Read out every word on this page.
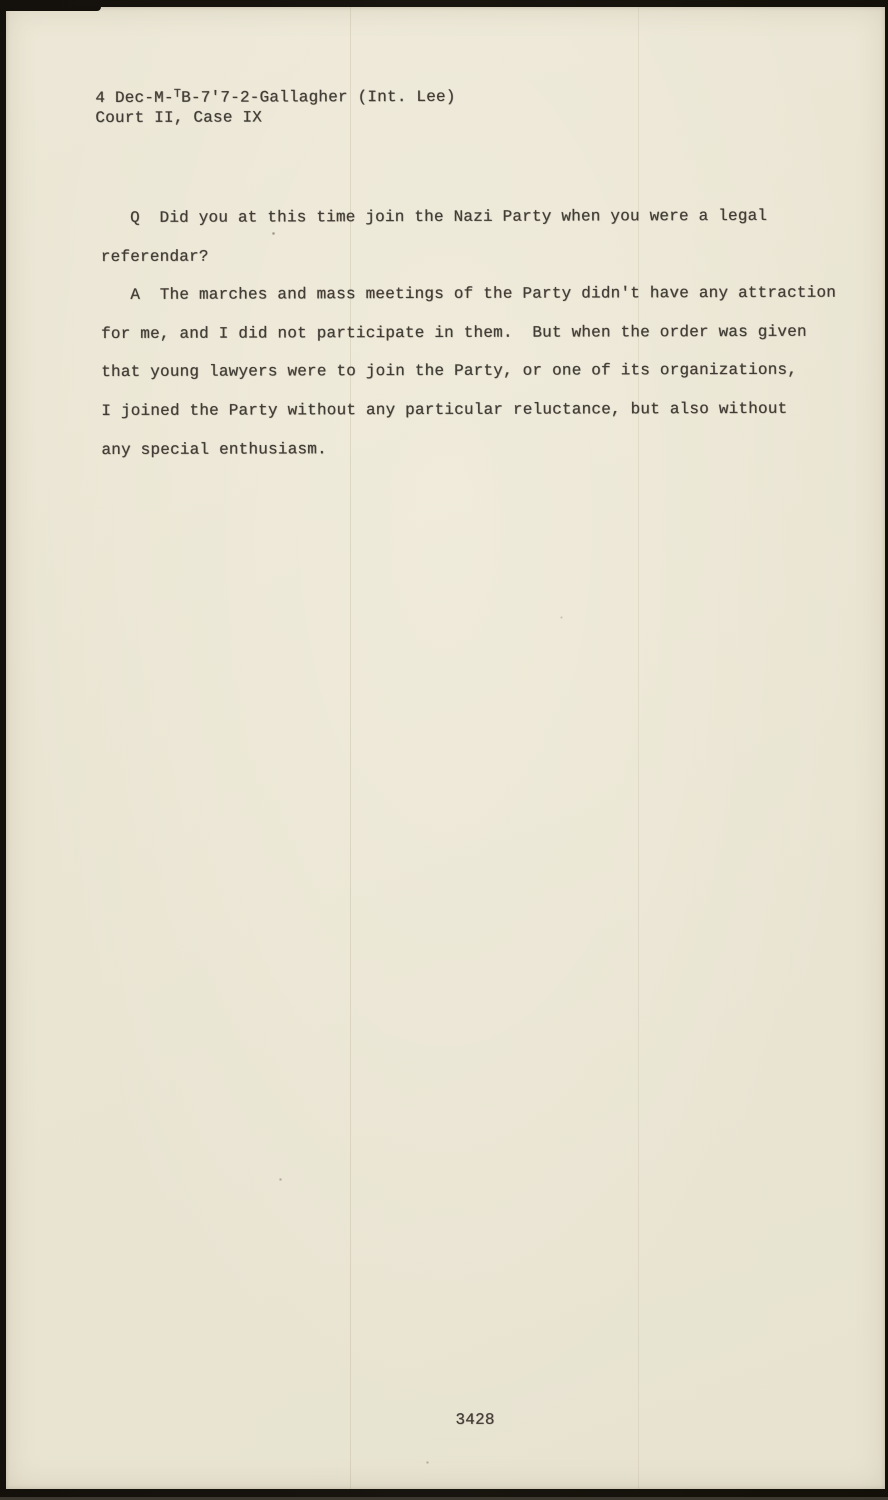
4 Dec-M-$^T$B-7'7-2-Gallagher (Int. Lee)
Court II, Case IX
Q  Did you at this time join the Nazi Party when you were a legal
referendar?
A  The marches and mass meetings of the Party didn't have any attraction
for me, and I did not participate in them.  But when the order was given
that young lawyers were to join the Party, or one of its organizations,
I joined the Party without any particular reluctance, but also without
any special enthusiasm.
3428
